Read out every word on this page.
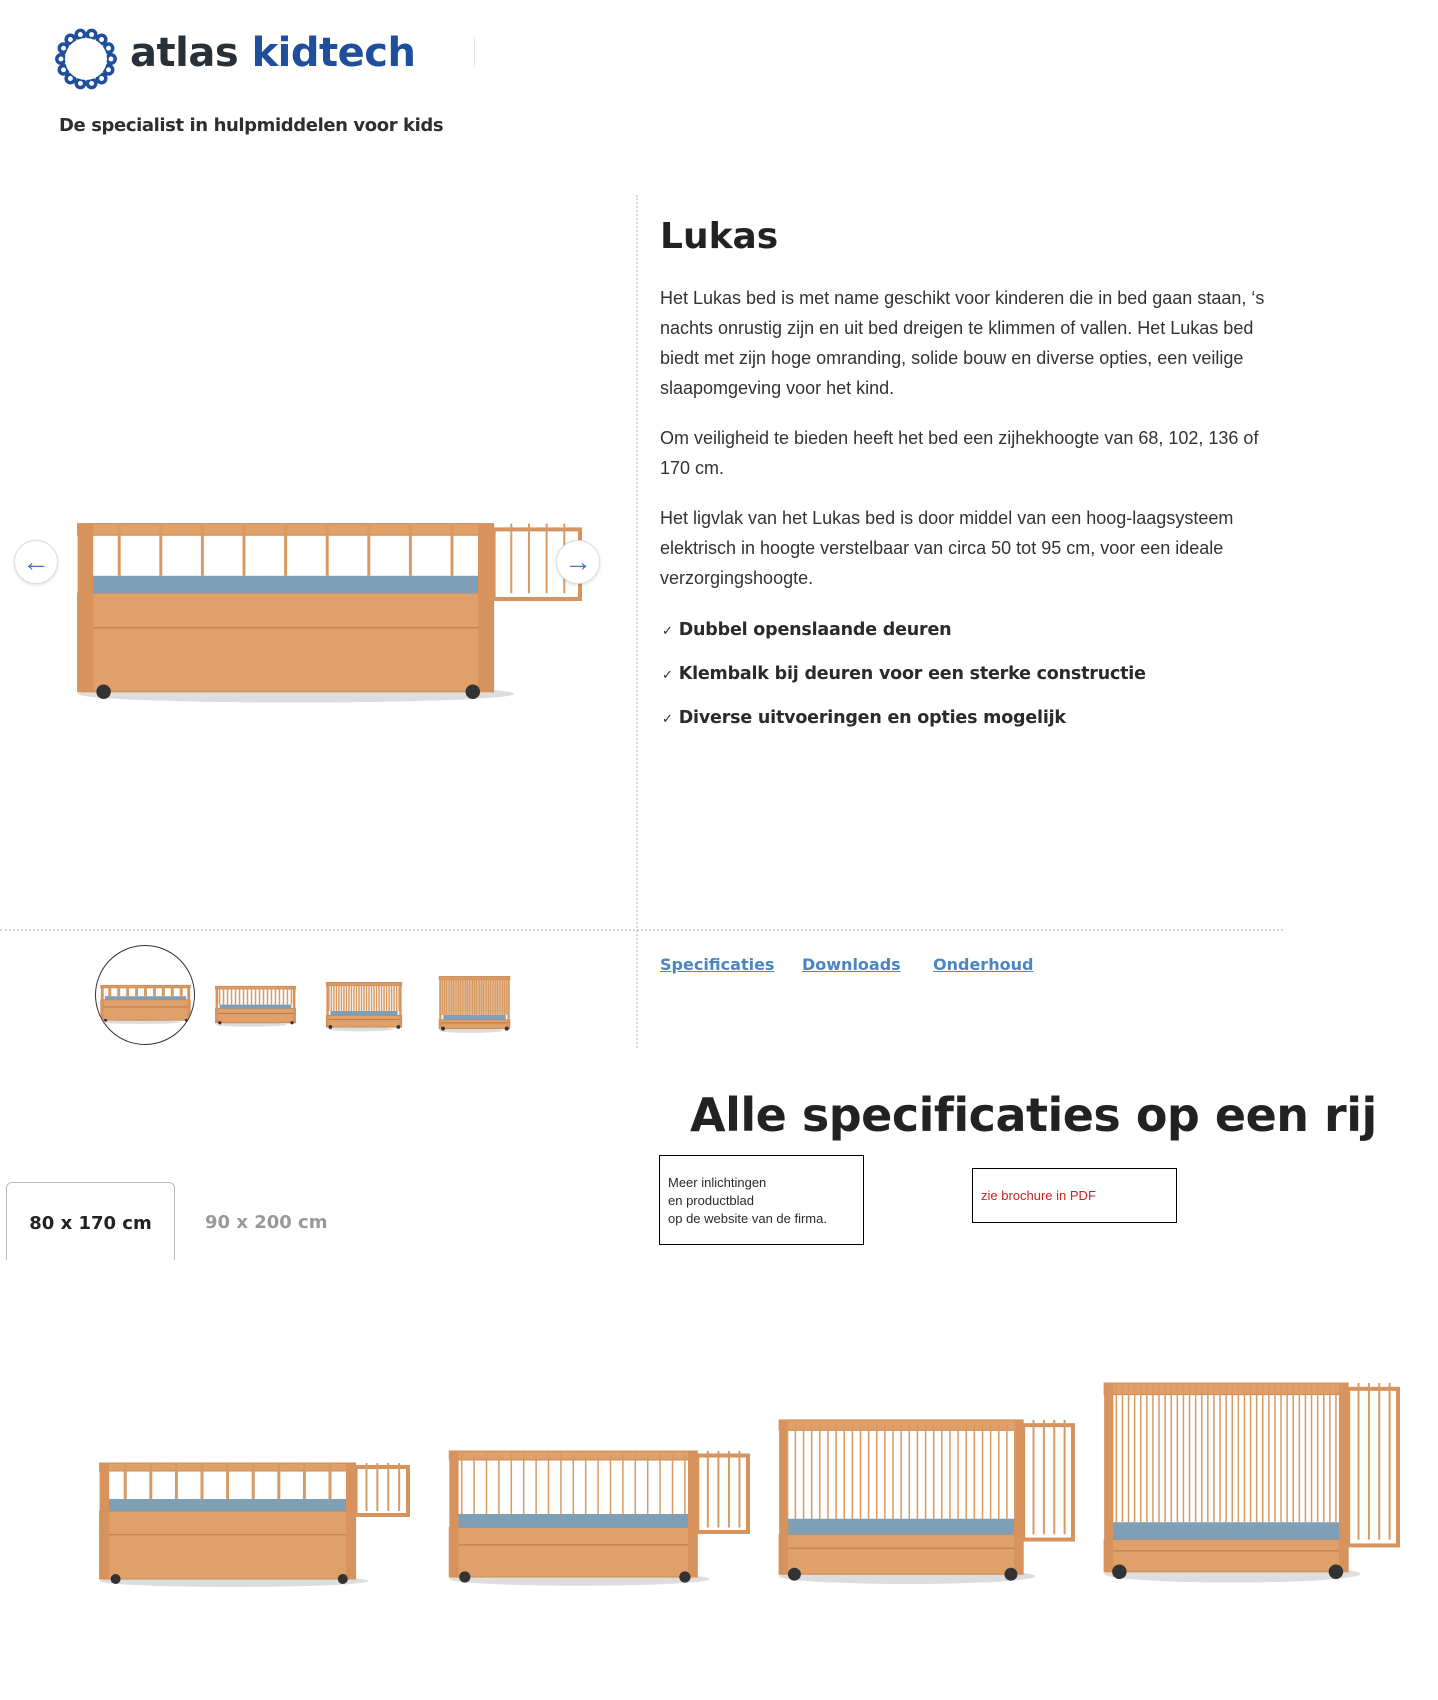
atlas kidtech
De specialist in hulpmiddelen voor kids
←	→
Lukas

Het Lukas bed is met name geschikt voor kinderen die in bed gaan staan, ‘s nachts onrustig zijn en uit bed dreigen te klimmen of vallen. Het Lukas bed biedt met zijn hoge omranding, solide bouw en diverse opties, een veilige slaapomgeving voor het kind.

Om veiligheid te bieden heeft het bed een zijhekhoogte van 68, 102, 136 of 170 cm.

Het ligvlak van het Lukas bed is door middel van een hoog-laagsysteem elektrisch in hoogte verstelbaar van circa 50 tot 95 cm, voor een ideale verzorgingshoogte.

✓ Dubbel openslaande deuren
✓ Klembalk bij deuren voor een sterke constructie
✓ Diverse uitvoeringen en opties mogelijk
Specificaties Downloads Onderhoud
Alle specificaties op een rij
Meer inlichtingen
en productblad
op de website van de firma.
zie brochure in PDF
80 x 170 cm	90 x 200 cm
